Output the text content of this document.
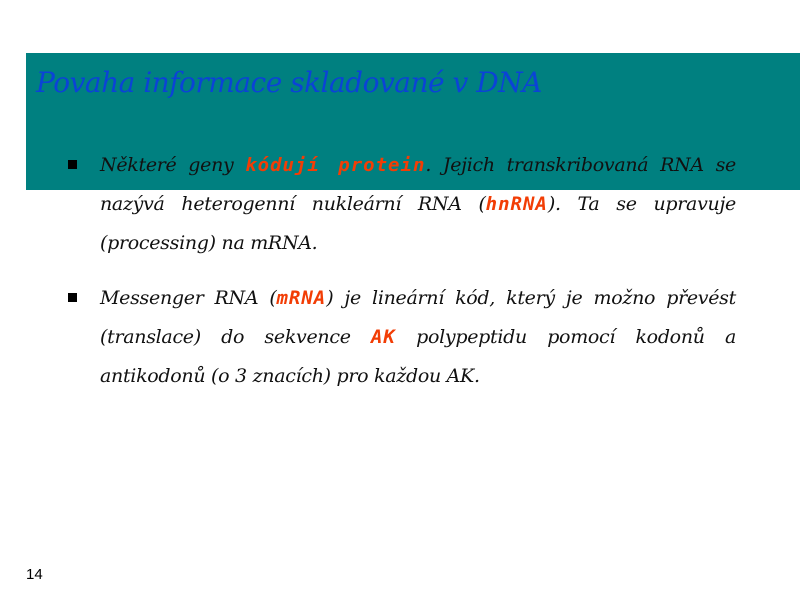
Povaha informace skladované v DNA
Některé geny kódují protein. Jejich transkribovaná RNA se nazývá heterogenní nukleární RNA (hnRNA). Ta se upravuje (processing) na mRNA.
Messenger RNA (mRNA) je lineární kód, který je možno převést (translace) do sekvence AK polypeptidu pomocí kodonů a antikodonů (o 3 znacích) pro každou AK.
14
